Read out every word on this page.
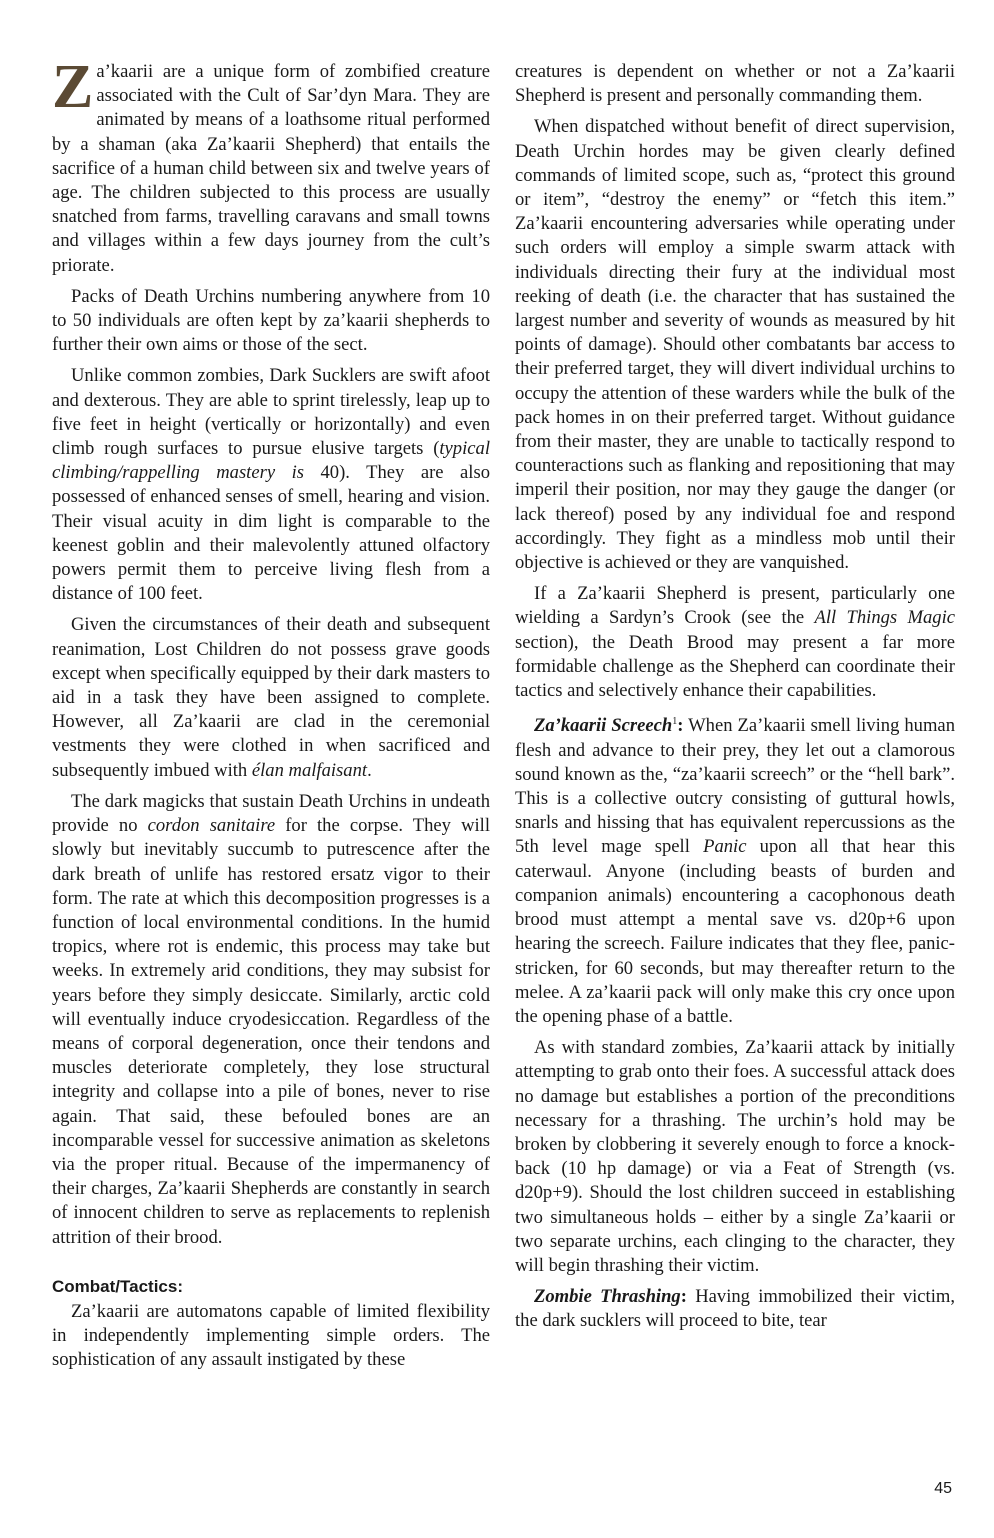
Za’kaarii are a unique form of zombified creature associated with the Cult of Sar’dyn Mara. They are animated by means of a loathsome ritual performed by a shaman (aka Za’kaarii Shepherd) that entails the sacrifice of a human child between six and twelve years of age. The children subjected to this process are usually snatched from farms, travelling caravans and small towns and villages within a few days journey from the cult’s priorate.

Packs of Death Urchins numbering anywhere from 10 to 50 individuals are often kept by za’kaarii shepherds to further their own aims or those of the sect.

Unlike common zombies, Dark Sucklers are swift afoot and dexterous. They are able to sprint tirelessly, leap up to five feet in height (vertically or horizontally) and even climb rough surfaces to pursue elusive targets (typical climbing/rappelling mastery is 40). They are also possessed of enhanced senses of smell, hearing and vision. Their visual acuity in dim light is comparable to the keenest goblin and their malevolently attuned olfactory powers permit them to perceive living flesh from a distance of 100 feet.

Given the circumstances of their death and subsequent reanimation, Lost Children do not possess grave goods except when specifically equipped by their dark masters to aid in a task they have been assigned to complete. However, all Za’kaarii are clad in the ceremonial vestments they were clothed in when sacrificed and subsequently imbued with élan malfaisant.

The dark magicks that sustain Death Urchins in undeath provide no cordon sanitaire for the corpse. They will slowly but inevitably succumb to putrescence after the dark breath of unlife has restored ersatz vigor to their form. The rate at which this decomposition progresses is a function of local environmental conditions. In the humid tropics, where rot is endemic, this process may take but weeks. In extremely arid conditions, they may subsist for years before they simply desiccate. Similarly, arctic cold will eventually induce cryodesiccation. Regardless of the means of corporal degeneration, once their tendons and muscles deteriorate completely, they lose structural integrity and collapse into a pile of bones, never to rise again. That said, these befouled bones are an incomparable vessel for successive animation as skeletons via the proper ritual. Because of the impermanency of their charges, Za’kaarii Shepherds are constantly in search of innocent children to serve as replacements to replenish attrition of their brood.

Combat/Tactics:

Za’kaarii are automatons capable of limited flexibility in independently implementing simple orders. The sophistication of any assault instigated by these

creatures is dependent on whether or not a Za’kaarii Shepherd is present and personally commanding them.

When dispatched without benefit of direct supervision, Death Urchin hordes may be given clearly defined commands of limited scope, such as, “protect this ground or item”, “destroy the enemy” or “fetch this item.” Za’kaarii encountering adversaries while operating under such orders will employ a simple swarm attack with individuals directing their fury at the individual most reeking of death (i.e. the character that has sustained the largest number and severity of wounds as measured by hit points of damage). Should other combatants bar access to their preferred target, they will divert individual urchins to occupy the attention of these warders while the bulk of the pack homes in on their preferred target. Without guidance from their master, they are unable to tactically respond to counteractions such as flanking and repositioning that may imperil their position, nor may they gauge the danger (or lack thereof) posed by any individual foe and respond accordingly. They fight as a mindless mob until their objective is achieved or they are vanquished.

If a Za’kaarii Shepherd is present, particularly one wielding a Sardyn’s Crook (see the All Things Magic section), the Death Brood may present a far more formidable challenge as the Shepherd can coordinate their tactics and selectively enhance their capabilities.

Za’kaarii Screech$^1$: When Za’kaarii smell living human flesh and advance to their prey, they let out a clamorous sound known as the, “za’kaarii screech” or the “hell bark”. This is a collective outcry consisting of guttural howls, snarls and hissing that has equivalent repercussions as the 5th level mage spell Panic upon all that hear this caterwaul. Anyone (including beasts of burden and companion animals) encountering a cacophonous death brood must attempt a mental save vs. d20p+6 upon hearing the screech. Failure indicates that they flee, panic-stricken, for 60 seconds, but may thereafter return to the melee. A za’kaarii pack will only make this cry once upon the opening phase of a battle.

As with standard zombies, Za’kaarii attack by initially attempting to grab onto their foes. A successful attack does no damage but establishes a portion of the preconditions necessary for a thrashing. The urchin’s hold may be broken by clobbering it severely enough to force a knock-back (10 hp damage) or via a Feat of Strength (vs. d20p+9). Should the lost children succeed in establishing two simultaneous holds – either by a single Za’kaarii or two separate urchins, each clinging to the character, they will begin thrashing their victim.

Zombie Thrashing: Having immobilized their victim, the dark sucklers will proceed to bite, tear

45
